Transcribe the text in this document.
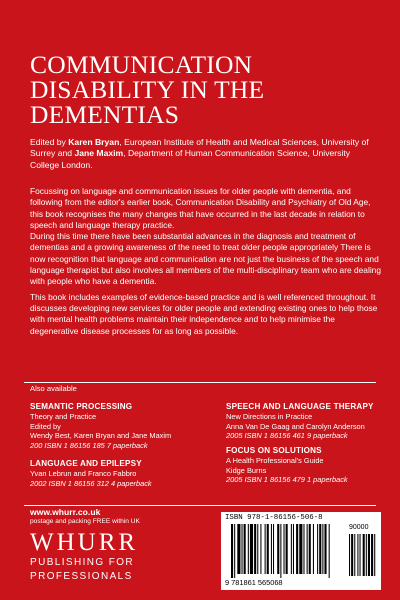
COMMUNICATION
DISABILITY IN THE
DEMENTIAS
Edited by Karen Bryan, European Institute of Health and Medical Sciences, University of Surrey and Jane Maxim, Department of Human Communication Science, University College London.

Focussing on language and communication issues for older people with dementia, and following from the editor's earlier book, Communication Disability and Psychiatry of Old Age, this book recognises the many changes that have occurred in the last decade in relation to speech and language therapy practice.

During this time there have been substantial advances in the diagnosis and treatment of dementias and a growing awareness of the need to treat older people appropriately There is now recognition that language and communication are not just the business of the speech and language therapist but also involves all members of the multi-disciplinary team who are dealing with people who have a dementia.

This book includes examples of evidence-based practice and is well referenced throughout. It discusses developing new services for older people and extending existing ones to help those with mental health problems maintain their independence and to help minimise the degenerative disease processes for as long as possible.

Also available
SEMANTIC PROCESSING
Theory and Practice
Edited by
Wendy Best, Karen Bryan and Jane Maxim
200 ISBN 1 86156 185 7 paperback
LANGUAGE AND EPILEPSY
Yvan Lebrun and Franco Fabbro
2002 ISBN 1 86156 312 4 paperback
SPEECH AND LANGUAGE THERAPY
New Directions in Practice
Anna Van De Gaag and Carolyn Anderson
2005 ISBN 1 86156 461 9 paperback
FOCUS ON SOLUTIONS
A Health Professional's Guide
Kidge Burns
2005 ISBN 1 86156 479 1 paperback
www.whurr.co.uk
postage and packing FREE within UK
WHURR
PUBLISHING FOR
PROFESSIONALS
ISBN 978-1-86156-506-8
90000
9 781861 565068
